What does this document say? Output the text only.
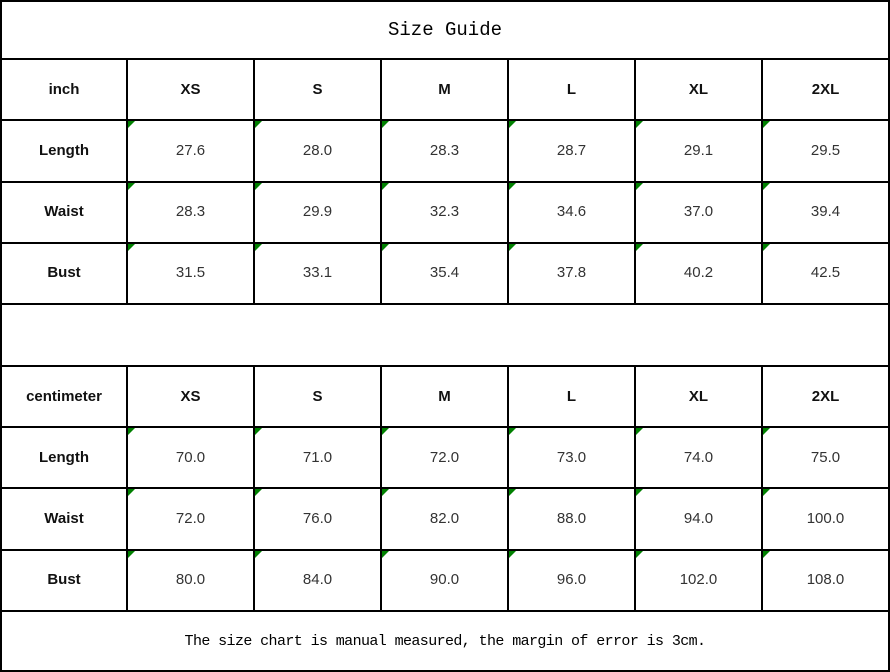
Size Guide						
inch	XS	S	M	L	XL	2XL
Length	27.6	28.0	28.3	28.7	29.1	29.5
Waist	28.3	29.9	32.3	34.6	37.0	39.4
Bust	31.5	33.1	35.4	37.8	40.2	42.5

centimeter	XS	S	M	L	XL	2XL
Length	70.0	71.0	72.0	73.0	74.0	75.0
Waist	72.0	76.0	82.0	88.0	94.0	100.0
Bust	80.0	84.0	90.0	96.0	102.0	108.0
The size chart is manual measured, the margin of error is 3cm.						
